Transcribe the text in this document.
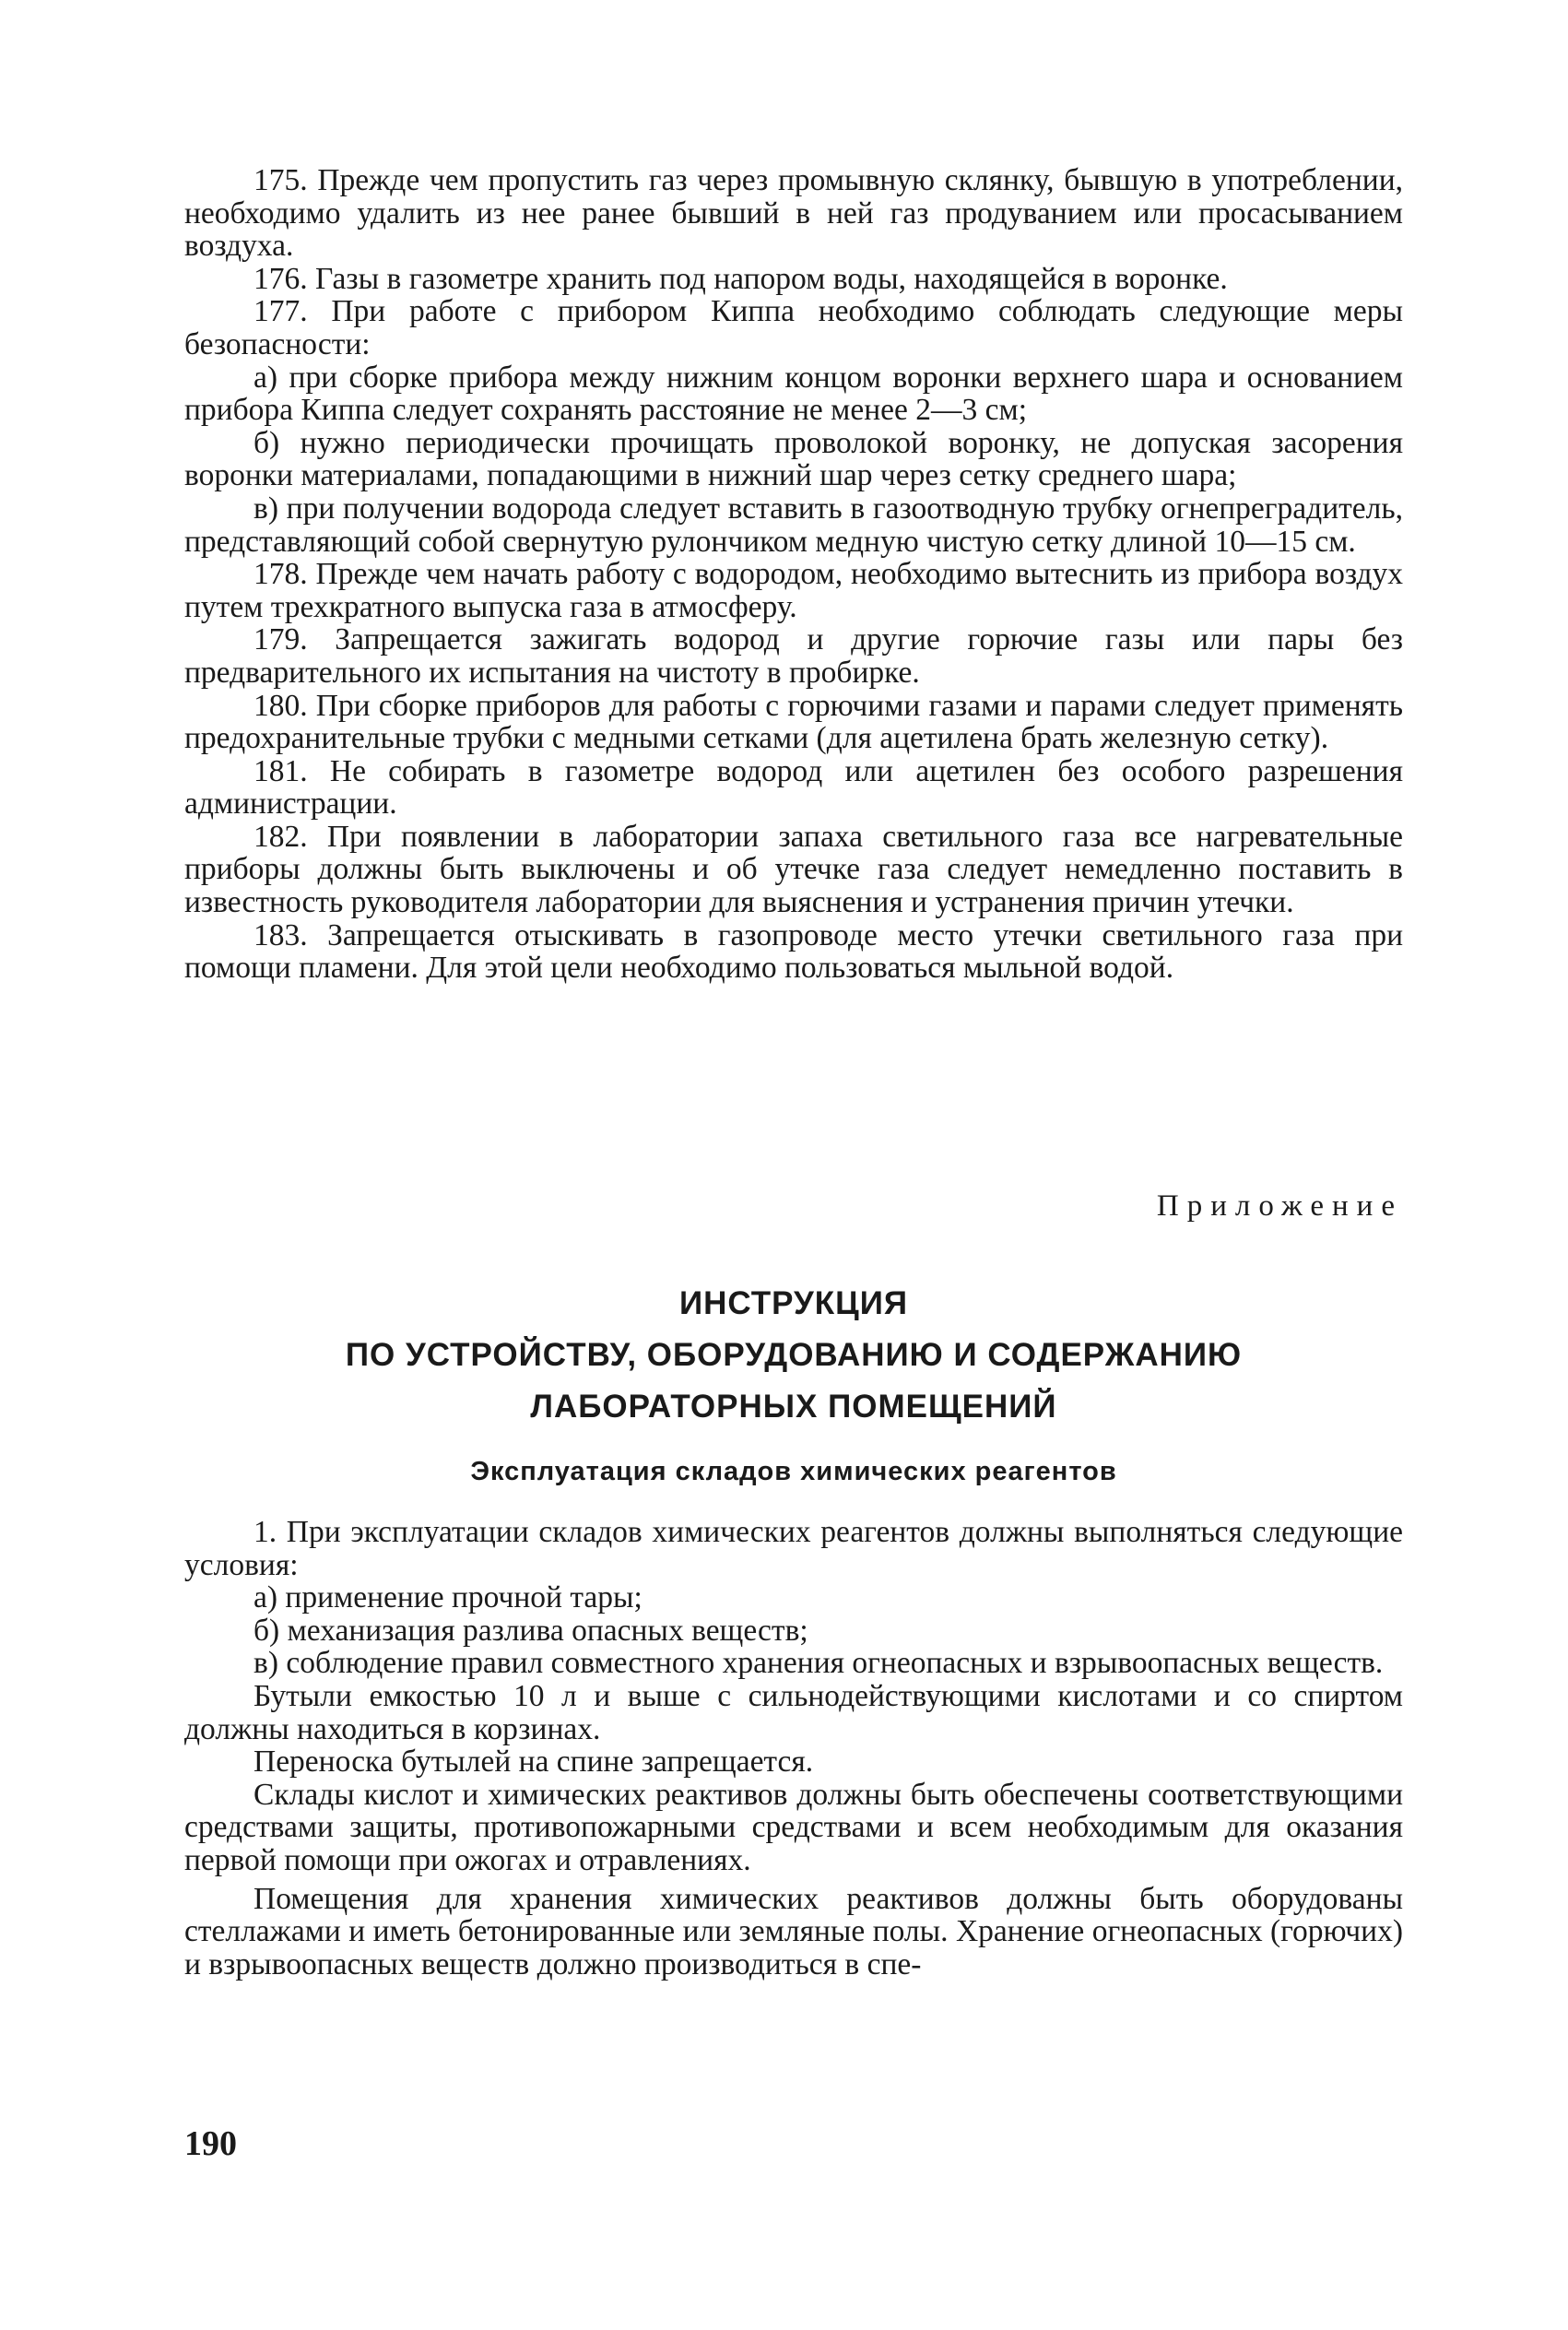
175. Прежде чем пропустить газ через промывную склянку, бывшую в употреблении, необходимо удалить из нее ранее бывший в ней газ продуванием или просасыванием воздуха.

176. Газы в газометре хранить под напором воды, находящейся в воронке.

177. При работе с прибором Киппа необходимо соблюдать следующие меры безопасности:

а) при сборке прибора между нижним концом воронки верхнего шара и основанием прибора Киппа следует сохранять расстояние не менее 2—3 см;

б) нужно периодически прочищать проволокой воронку, не допуская засорения воронки материалами, попадающими в нижний шар через сетку среднего шара;

в) при получении водорода следует вставить в газоотводную трубку огнепреградитель, представляющий собой свернутую рулончиком медную чистую сетку длиной 10—15 см.

178. Прежде чем начать работу с водородом, необходимо вытеснить из прибора воздух путем трехкратного выпуска газа в атмосферу.

179. Запрещается зажигать водород и другие горючие газы или пары без предварительного их испытания на чистоту в пробирке.

180. При сборке приборов для работы с горючими газами и парами следует применять предохранительные трубки с медными сетками (для ацетилена брать железную сетку).

181. Не собирать в газометре водород или ацетилен без особого разрешения администрации.

182. При появлении в лаборатории запаха светильного газа все нагревательные приборы должны быть выключены и об утечке газа следует немедленно поставить в известность руководителя лаборатории для выяснения и устранения причин утечки.

183. Запрещается отыскивать в газопроводе место утечки светильного газа при помощи пламени. Для этой цели необходимо пользоваться мыльной водой.

Приложение

ИНСТРУКЦИЯ
ПО УСТРОЙСТВУ, ОБОРУДОВАНИЮ И СОДЕРЖАНИЮ
ЛАБОРАТОРНЫХ ПОМЕЩЕНИЙ
Эксплуатация складов химических реагентов

1. При эксплуатации складов химических реагентов должны выполняться следующие условия:

а) применение прочной тары;

б) механизация разлива опасных веществ;

в) соблюдение правил совместного хранения огнеопасных и взрывоопасных веществ.

Бутыли емкостью 10 л и выше с сильнодействующими кислотами и со спиртом должны находиться в корзинах.

Переноска бутылей на спине запрещается.

Склады кислот и химических реактивов должны быть обеспечены соответствующими средствами защиты, противопожарными средствами и всем необходимым для оказания первой помощи при ожогах и отравлениях.

Помещения для хранения химических реактивов должны быть оборудованы стеллажами и иметь бетонированные или земляные полы. Хранение огнеопасных (горючих) и взрывоопасных веществ должно производиться в спе-

190
